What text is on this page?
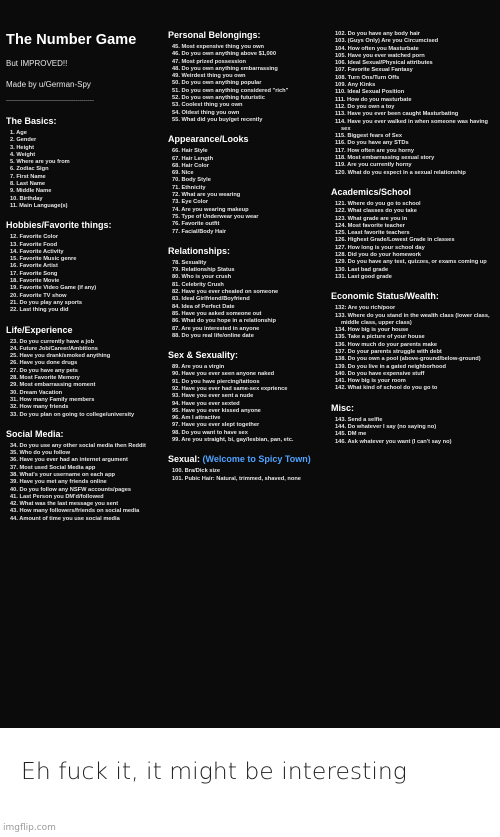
The Number Game
But IMPROVED!!
Made by u/German-Spy
--------------------------------------------
The Basics:
1. Age
2. Gender
3. Height
4. Weight
5. Where are you from
6. Zodiac Sign
7. First Name
8. Last Name
9. Middle Name
10. Birthday
11. Main Language(s)
Hobbies/Favorite things:
12. Favorite Color
13. Favorite Food
14. Favorite Activity
15. Favorite Music genre
16. Favorite Artist
17. Favorite Song
18. Favorite Movie
19. Favorite Video Game (if any)
20. Favorite TV show
21. Do you play any sports
22. Last thing you did
Life/Experience
23. Do you currently have a job
24. Future Job/Career/Ambitions
25. Have you drank/smoked anything
26. Have you done drugs
27. Do you have any pets
28. Most Favorite Memory
29. Most embarrassing moment
30. Dream Vacation
31. How many Family members
32. How many friends
33. Do you plan on going to college/university
Social Media:
34. Do you use any other social media then Reddit
35. Who do you follow
36. Have you ever had an internet argument
37. Most used Social Media app
38. What's your username on each app
39. Have you met any friends online
40. Do you follow any NSFW accounts/pages
41. Last Person you DM'd/followed
42. What was the last message you sent
43. How many followers/friends on social media
44. Amount of time you use social media
Personal Belongings:
45. Most expensive thing you own
46. Do you own anything above $1,000
47. Most prized possession
48. Do you own anything embarrassing
49. Weirdest thing you own
50. Do you own anything popular
51. Do you own anything considered "rich"
52. Do you own anything futuristic
53. Coolest thing you own
54. Oldest thing you own
55. What did you buy/get recently
Appearance/Looks
66. Hair Style
67. Hair Length
68. Hair Color
69. Nice
70. Body Style
71. Ethnicity
72. What are you wearing
73. Eye Color
74. Are you wearing makeup
75. Type of Underwear you wear
76. Favorite outfit
77. Facial/Body Hair
Relationships:
78. Sexuality
79. Relationship Status
80. Who is your crush
81. Celebrity Crush
82. Have you ever cheated on someone
83. Ideal Girlfriend/Boyfriend
84. Idea of Perfect Date
85. Have you asked someone out
86. What do you hope in a relationship
87. Are you interested in anyone
88. Do you real life/online date
Sex & Sexuality:
89. Are you a virgin
90. Have you ever seen anyone naked
91. Do you have piercing/tattoos
92. Have you ever had same-sex exprience
93. Have you ever sent a nude
94. Have you ever sexted
95. Have you ever kissed anyone
96. Am I attractive
97. Have you ever slept together
98. Do you want to have sex
99. Are you straight, bi, gay/lesbian, pan, etc.
Sexual: (Welcome to Spicy Town)
100. Bra/Dick size
101. Pubic Hair: Natural, trimmed, shaved, none
102. Do you have any body hair
103. (Guys Only) Are you Circumcised
104. How often you Masturbate
105. Have you ever watched porn
106. Ideal Sexual/Physical attributes
107. Favorite Sexual Fantasy
108. Turn Ons/Turn Offs
109. Any Kinks
110. Ideal Sexual Position
111. How do you masturbate
112. Do you own a toy
113. Have you ever been caught Masturbating
114. Have you ever walked in when someone was having sex
115. Biggest fears of Sex
116. Do you have any STDs
117. How often are you horny
118. Most embarrassing sexual story
119. Are you currently horny
120. What do you expect in a sexual relationship
Academics/School
121. Where do you go to school
122. What classes do you take
123. What grade are you in
124. Most favorite teacher
125. Least favorite teachers
126. Highest Grade/Lowest Grade in classes
127. How long is your school day
128. Did you do your homework
129. Do you have any test, quizzes, or exams coming up
130. Last bad grade
131. Last good grade
Economic Status/Wealth:
132: Are you rich/poor
133. Where do you stand in the wealth class (lower class, middle class, upper class)
134. How big is your house
135. Take a picture of your house
136. How much do your parents make
137. Do your parents struggle with debt
138. Do you own a pool (above-ground/below-ground)
139. Do you live in a gated neighborhood
140. Do you have expensive stuff
141. How big is your room
142. What kind of school do you go to
Misc:
143. Send a selfie
144. Do whatever I say (no saying no)
145. DM me
146. Ask whatever you want (I can't say no)
Eh fuck it, it might be interesting
imgflip.com
